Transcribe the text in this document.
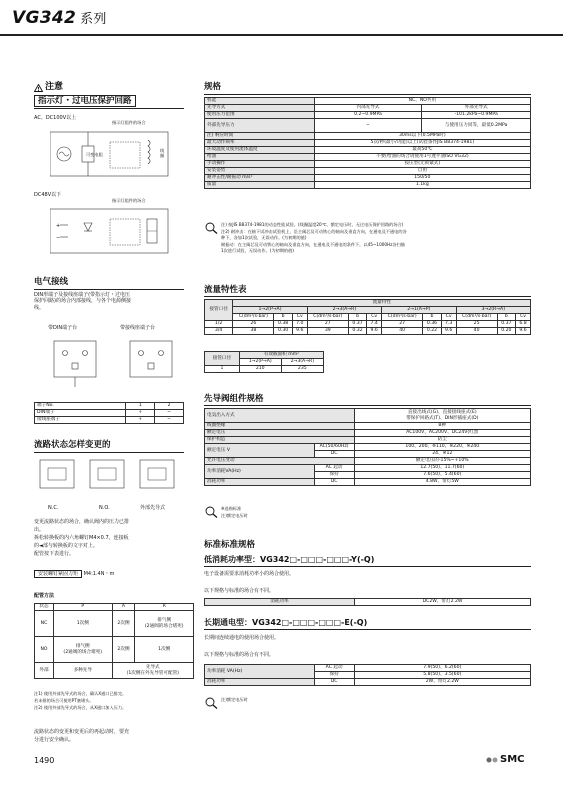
VG342 系列
! 注意
指示灯・过电压保护回路
AC、DC100V以上
指示灯组件的场合
可变电阻
线圈
DC48V以下
指示灯组件的场合
+
−
电气接线
DIN形端子及接线座端子(带指示灯・过电压
保护回路)的场合内部接线，与各个电源侧接
线。
带DIN端子台	带接线座端子台
端子No.	1	2
DIN端子	+	−
接线座端子	+	−
流路状态怎样变更的
N.C.	N.O.	外部先导式
变更流路状态的场合，确认阀内的压力已排
出。
拆松转换板的内六角螺钉M4×0.7，连接板
的◄部与转换板的文字对上。
配管按下表进行。
安装螺钉紧固力矩 M4:1.4N・m
配管方法
状态	P	A	R
NC	1次侧	2次侧	排气侧
(2通阀的场合堵死)
NO	排气侧
(2通阀的场合堵死)	2次侧	1次侧
外部	多种先导	先导式
(1次侧在外先导管可配管)	
注1) 使用外部先导式的场合，确认X通口已排完。
若未排的场合可使用PT塞堵头。
注2) 使用外部先导式的场合，从X通口加入压力。
流路状态的变更和变更后的再起动时，要充
分进行安全确认。
1490
规格
机能	NC、NO共用	
先导方式	内部先导式	外部先导式
使用压力范围	0.2~0.9MPa	-101.2kPa~0.9MPa
外部先导压力	−	与使用压力同等，最低0.2MPa
注) 响应时间	30ms以下(0.5MPa时)	
最大动作频率	5次/秒(最小/功能)以上(试验条件JIS B8374-1981)	
环境温度及使用流体温度	最高50℃	
给油	不要(给油的场合请使用1号透平油ISO VG32)	
手动操作	按压型(无锁紧式)	
安装姿势	自由	
耐冲击性/耐振动 m/s²	150/50	
质量	1.1kg	
注) 按JIS B8374-1981的动态性能试验。(线圈温度20℃、额定电压时，无过电压保护回路的场合)
注2) 耐冲击：在轴下试冲击试验机上，沿主阀芯及可动铁心的轴向及垂直方向，在通电及不通电的各
种下，各加1次试验，无误动作。(为初期的值)
耐振动：在主阀芯及可动铁心的轴向及垂直方向，在通电及不通电的条件下，以45~1000Hz各扫描
1次进行试验，无误动作。(为初期的值)
流量特性表
接管口径	流量特性											
	1→2(P→A)			2→3(A→R)			2→1(A→P)			3→2(R→A)		
	C(dm³/s·bar)	b	Cv	C(dm³/s·bar)	b	Cv	C(dm³/s·bar)	b	Cv	C(dm³/s·bar)	b	Cv
1/2	26	0.38	7.0	27	0.37	7.4	27	0.36	7.3	25	0.37	6.8
3/4	38	0.30	9.6	39	0.32	9.6	40	0.22	9.6	40	0.20	9.6
接管口径	有效截面积 mm²	
	1→2(P→A)	2→3(A→R)
1	210	235
先导阀组件规格
电気出入方式		直接出线式(G)、直接接线座式(E)
带保护回路式(T)、DIN形插座式(D)
线圈绝缘		B种
额定电压		AC100V、AC200V、DC24V(红黑
保护构造		防尘
额定电压 V	AC(50/60Hz)	100、200、※110、※220、※240
	DC	24、※12
允许电压变动		额定电压的-15%~+10%
功率消耗VA(Hz)	AC 起动	12.7(50)、11.7(60)
	保持	7.6(50)、5.4(60)
消耗功率	DC	4.8W、带灯5W
※选购标准
注)额定电压时
标准标准规格
低消耗功率型：VG342□-□□□-□□□-Y(-Q)
电子设备需要求消耗功率小的场合使用。
以下规格与标准的场合有不同。
消耗功率	DC2W、带灯2.2W
长期通电型：VG342□-□□□-□□□-E(-Q)
长期间连续通电的使用场合使用。
以下规格与标准的场合有不同。
功率消耗 VA(Hz)	AC 起动	7.9(50)、6.2(60)
	保持	5.8(50)、3.5(60)
消耗功率	DC	2W、带灯2.2W
注)额定电压时
SMC
